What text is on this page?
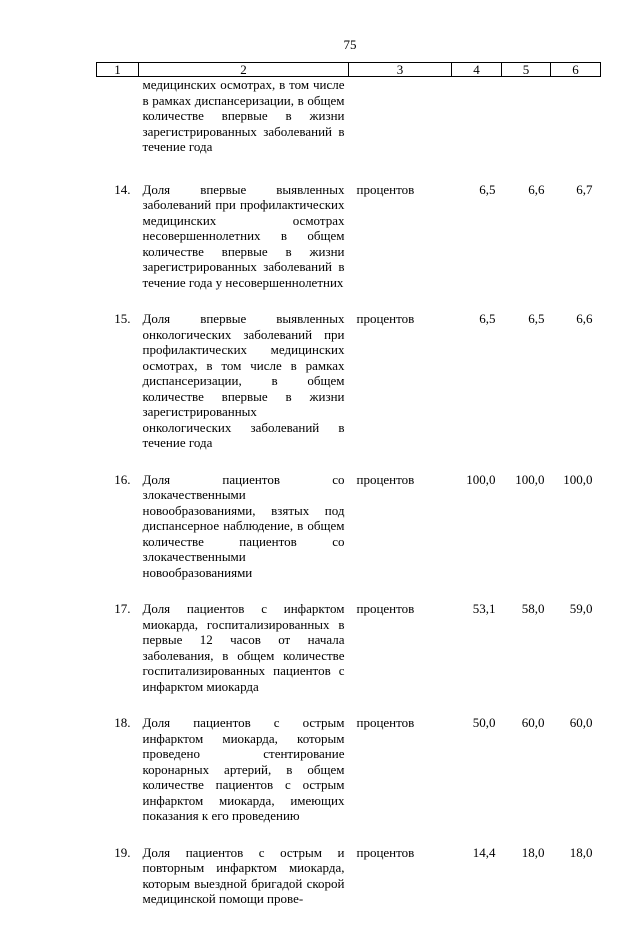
75
1	2	3	4	5	6
	медицинских осмотрах, в том числе в рамках диспансеризации, в общем количестве впервые в жизни зарегистрированных заболеваний в течение года				
14.	Доля впервые выявленных заболеваний при профилактических медицинских осмотрах несовершеннолетних в общем количестве впервые в жизни зарегистрированных заболеваний в течение года у несовершеннолетних	процентов	6,5	6,6	6,7
15.	Доля впервые выявленных онкологических заболеваний при профилактических медицинских осмотрах, в том числе в рамках диспансеризации, в общем количестве впервые в жизни зарегистрированных онкологических заболеваний в течение года	процентов	6,5	6,5	6,6
16.	Доля пациентов со злокачественными новообразованиями, взятых под диспансерное наблюдение, в общем количестве пациентов со злокачественными новообразованиями	процентов	100,0	100,0	100,0
17.	Доля пациентов с инфарктом миокарда, госпитализированных в первые 12 часов от начала заболевания, в общем количестве госпитализированных пациентов с инфарктом миокарда	процентов	53,1	58,0	59,0
18.	Доля пациентов с острым инфарктом миокарда, которым проведено стентирование коронарных артерий, в общем количестве пациентов с острым инфарктом миокарда, имеющих показания к его проведению	процентов	50,0	60,0	60,0
19.	Доля пациентов с острым и повторным инфарктом миокарда, которым выездной бригадой скорой медицинской помощи прове-	процентов	14,4	18,0	18,0
